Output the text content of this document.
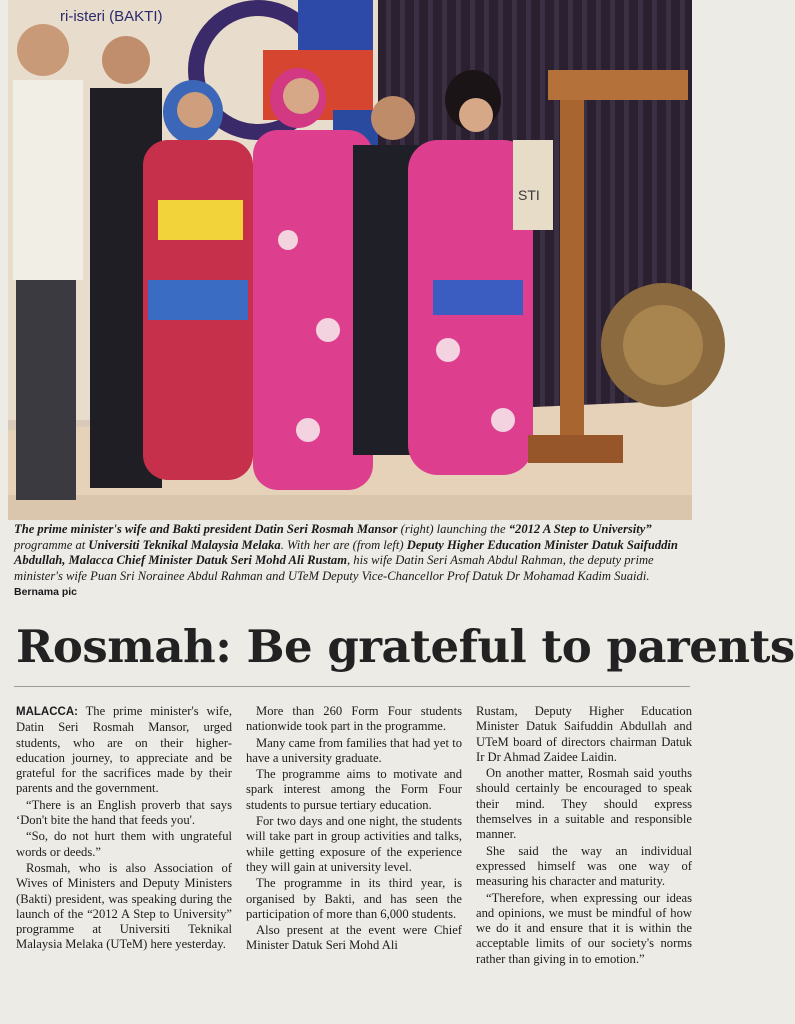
STI
ri-isteri (BAKTI)
The prime minister's wife and Bakti president Datin Seri Rosmah Mansor (right) launching the “2012 A Step to University” programme at Universiti Teknikal Malaysia Melaka. With her are (from left) Deputy Higher Education Minister Datuk Saifuddin Abdullah, Malacca Chief Minister Datuk Seri Mohd Ali Rustam, his wife Datin Seri Asmah Abdul Rahman, the deputy prime minister's wife Puan Sri Norainee Abdul Rahman and UTeM Deputy Vice-Chancellor Prof Datuk Dr Mohamad Kadim Suaidi. Bernama pic
Rosmah: Be grateful to parents

MALACCA: The prime minister's wife, Datin Seri Rosmah Mansor, urged students, who are on their higher-education journey, to appreciate and be grateful for the sacrifices made by their parents and the government.

“There is an English proverb that says ‘Don't bite the hand that feeds you'.

“So, do not hurt them with ungrateful words or deeds.”

Rosmah, who is also Association of Wives of Ministers and Deputy Ministers (Bakti) president, was speaking during the launch of the “2012 A Step to University” programme at Universiti Teknikal Malaysia Melaka (UTeM) here yesterday.

More than 260 Form Four students nationwide took part in the programme.

Many came from families that had yet to have a university graduate.

The programme aims to motivate and spark interest among the Form Four students to pursue tertiary education.

For two days and one night, the students will take part in group activities and talks, while getting exposure of the experience they will gain at university level.

The programme in its third year, is organised by Bakti, and has seen the participation of more than 6,000 students.

Also present at the event were Chief Minister Datuk Seri Mohd Ali

Rustam, Deputy Higher Education Minister Datuk Saifuddin Abdullah and UTeM board of directors chairman Datuk Ir Dr Ahmad Zaidee Laidin.

On another matter, Rosmah said youths should certainly be encouraged to speak their mind. They should express themselves in a suitable and responsible manner.

She said the way an individual expressed himself was one way of measuring his character and maturity.

“Therefore, when expressing our ideas and opinions, we must be mindful of how we do it and ensure that it is within the acceptable limits of our society's norms rather than giving in to emotion.”
